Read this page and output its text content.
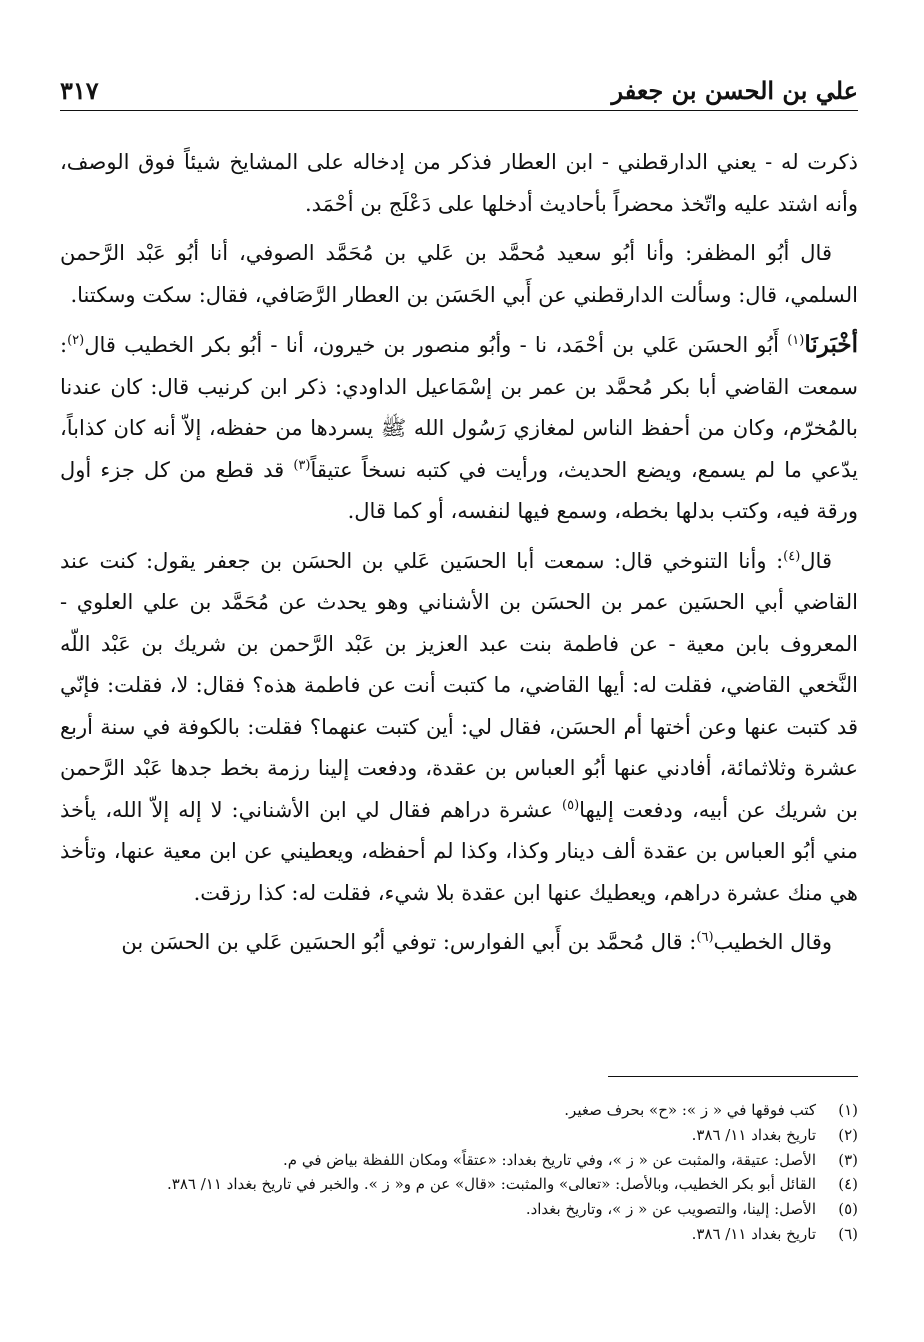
علي بن الحسن بن جعفر
٣١٧

ذكرت له - يعني الدارقطني - ابن العطار فذكر من إدخاله على المشايخ شيئاً فوق الوصف، وأنه اشتد عليه واتّخذ محضراً بأحاديث أدخلها على دَعْلَج بن أحْمَد.

قال أبُو المظفر: وأنا أبُو سعيد مُحمَّد بن عَلي بن مُحَمَّد الصوفي، أنا أبُو عَبْد الرَّحمن السلمي، قال: وسألت الدارقطني عن أَبي الحَسَن بن العطار الرَّصَافي، فقال: سكت وسكتنا.

أخْبَرنَا$^{(١)}$ أَبُو الحسَن عَلي بن أحْمَد، نا - وأبُو منصور بن خيرون، أنا - أبُو بكر الخطيب قال$^{(٢)}$: سمعت القاضي أبا بكر مُحمَّد بن عمر بن إسْمَاعيل الداودي: ذكر ابن كرنيب قال: كان عندنا بالمُخرّم، وكان من أحفظ الناس لمغازي رَسُول الله ﷺ يسردها من حفظه، إلاّ أنه كان كذاباً، يدّعي ما لم يسمع، ويضع الحديث، ورأيت في كتبه نسخاً عتيقاً$^{(٣)}$ قد قطع من كل جزء أول ورقة فيه، وكتب بدلها بخطه، وسمع فيها لنفسه، أو كما قال.

قال$^{(٤)}$: وأنا التنوخي قال: سمعت أبا الحسَين عَلي بن الحسَن بن جعفر يقول: كنت عند القاضي أبي الحسَين عمر بن الحسَن بن الأشناني وهو يحدث عن مُحَمَّد بن علي العلوي - المعروف بابن معية - عن فاطمة بنت عبد العزيز بن عَبْد الرَّحمن بن شريك بن عَبْد اللّه النَّخعي القاضي، فقلت له: أيها القاضي، ما كتبت أنت عن فاطمة هذه؟ فقال: لا، فقلت: فإنّي قد كتبت عنها وعن أختها أم الحسَن، فقال لي: أين كتبت عنهما؟ فقلت: بالكوفة في سنة أربع عشرة وثلاثمائة، أفادني عنها أبُو العباس بن عقدة، ودفعت إلينا رزمة بخط جدها عَبْد الرَّحمن بن شريك عن أبيه، ودفعت إليها$^{(٥)}$ عشرة دراهم فقال لي ابن الأشناني: لا إله إلاّ الله، يأخذ مني أبُو العباس بن عقدة ألف دينار وكذا، وكذا لم أحفظه، ويعطيني عن ابن معية عنها، وتأخذ هي منك عشرة دراهم، ويعطيك عنها ابن عقدة بلا شيء، فقلت له: كذا رزقت.

وقال الخطيب$^{(٦)}$: قال مُحمَّد بن أَبي الفوارس: توفي أبُو الحسَين عَلي بن الحسَن بن

(١)
كتب فوقها في « ز »: «ح» بحرف صغير.
(٢)
تاريخ بغداد ١١/ ٣٨٦.
(٣)
الأصل: عتيقة، والمثبت عن « ز »، وفي تاريخ بغداد: «عتقاً» ومكان اللفظة بياض في م.
(٤)
القائل أبو بكر الخطيب، وبالأصل: «تعالى» والمثبت: «قال» عن م و« ز ». والخبر في تاريخ بغداد ١١/ ٣٨٦.
(٥)
الأصل: إلينا، والتصويب عن « ز »، وتاريخ بغداد.
(٦)
تاريخ بغداد ١١/ ٣٨٦.
